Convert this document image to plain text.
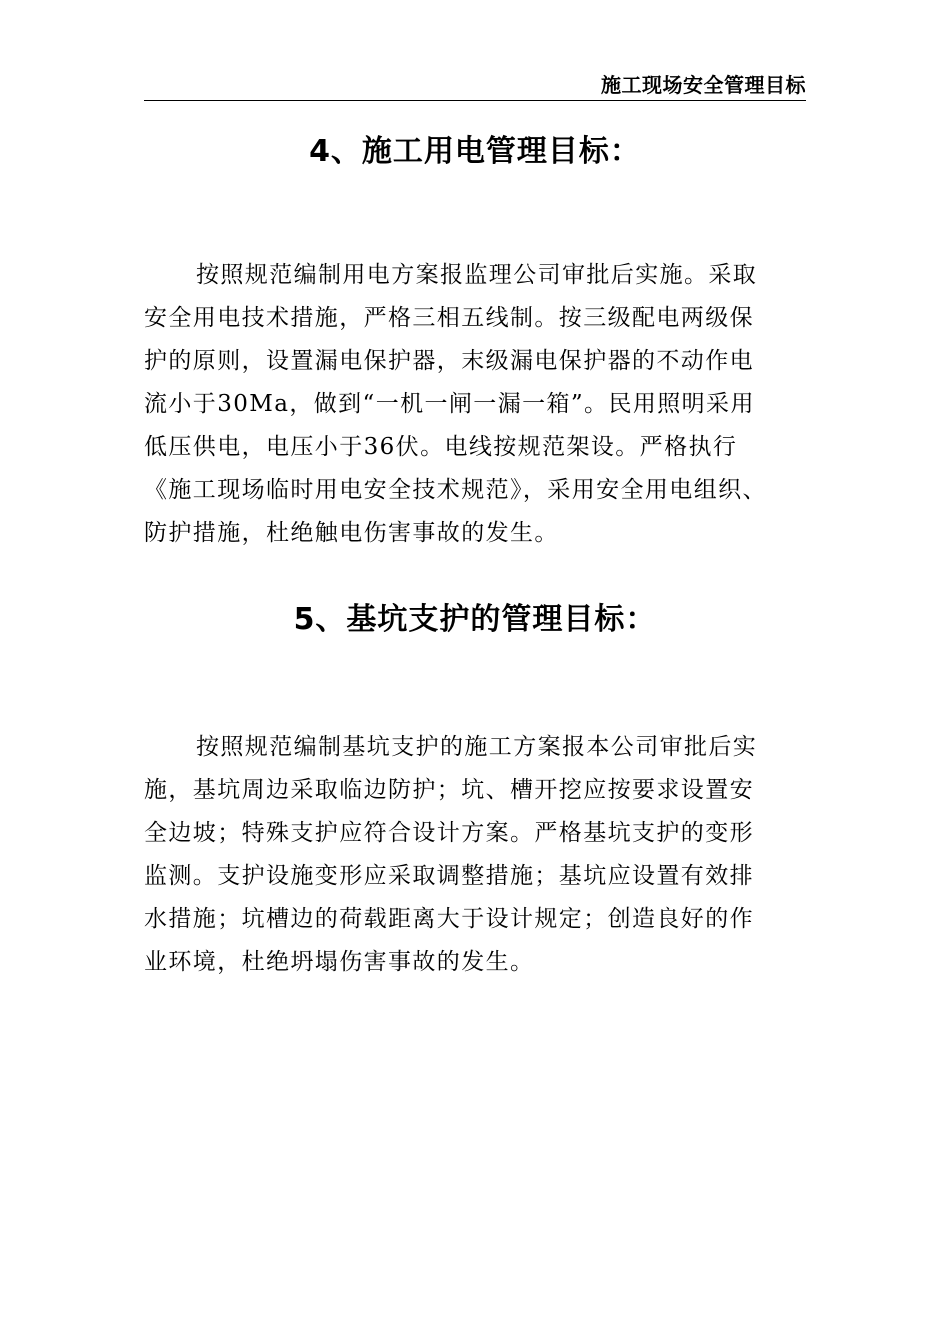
施工现场安全管理目标
4、施工用电管理目标：
按照规范编制用电方案报监理公司审批后实施。采取
安全用电技术措施，严格三相五线制。按三级配电两级保
护的原则，设置漏电保护器，末级漏电保护器的不动作电
流小于30Ma，做到“一机一闸一漏一箱”。民用照明采用
低压供电，电压小于36伏。电线按规范架设。严格执行
《施工现场临时用电安全技术规范》，采用安全用电组织、
防护措施，杜绝触电伤害事故的发生。
5、基坑支护的管理目标：
按照规范编制基坑支护的施工方案报本公司审批后实
施，基坑周边采取临边防护；坑、槽开挖应按要求设置安
全边坡；特殊支护应符合设计方案。严格基坑支护的变形
监测。支护设施变形应采取调整措施；基坑应设置有效排
水措施；坑槽边的荷载距离大于设计规定；创造良好的作
业环境，杜绝坍塌伤害事故的发生。
